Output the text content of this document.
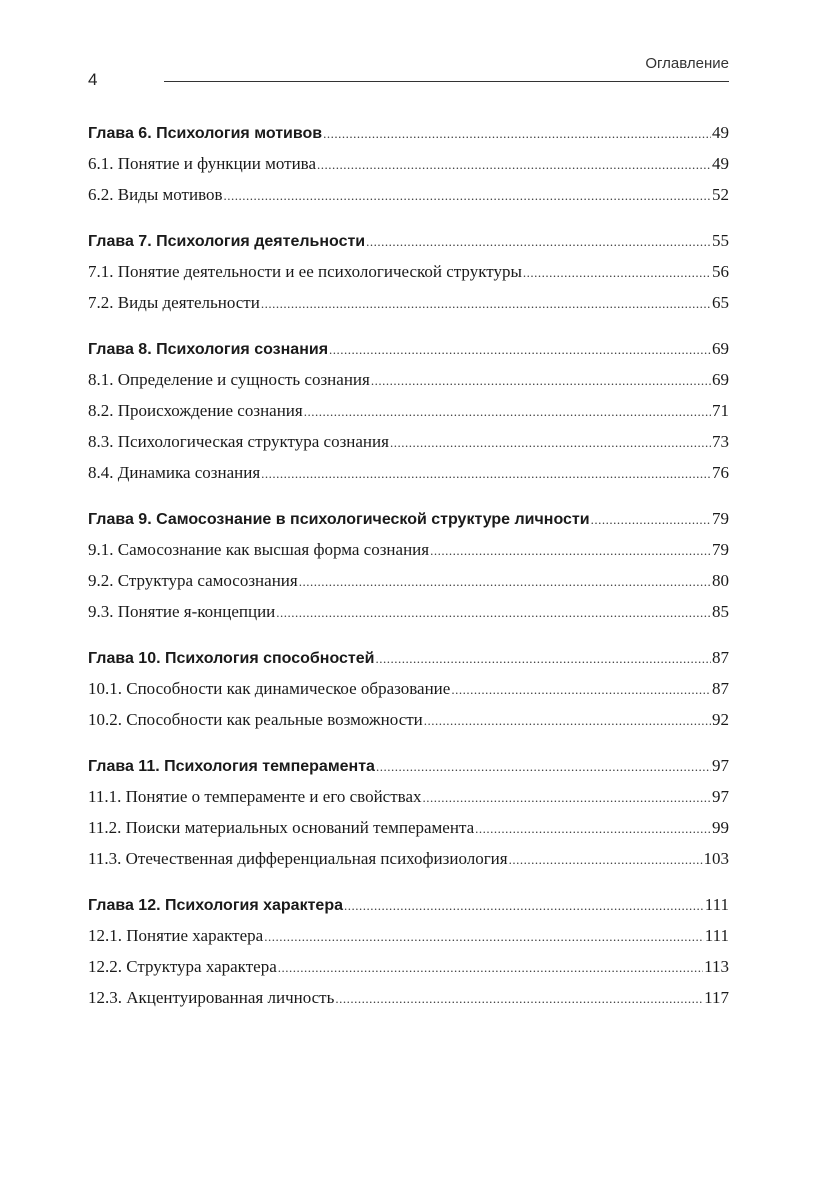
4
Оглавление
Глава 6. Психология мотивов .....	49
6.1. Понятие и функции мотива .....	49
6.2. Виды мотивов .....	52
Глава 7. Психология деятельности .....	55
7.1. Понятие деятельности и ее психологической структуры .....	56
7.2. Виды деятельности .....	65
Глава 8. Психология сознания .....	69
8.1. Определение и сущность сознания .....	69
8.2. Происхождение сознания .....	71
8.3. Психологическая структура сознания .....	73
8.4. Динамика сознания .....	76
Глава 9. Самосознание в психологической структуре личности .....	79
9.1. Самосознание как высшая форма сознания .....	79
9.2. Структура самосознания .....	80
9.3. Понятие я-концепции .....	85
Глава 10. Психология способностей .....	87
10.1. Способности как динамическое образование .....	87
10.2. Способности как реальные возможности .....	92
Глава 11. Психология темперамента .....	97
11.1. Понятие о темпераменте и его свойствах .....	97
11.2. Поиски материальных оснований темперамента .....	99
11.3. Отечественная дифференциальная психофизиология .....	103
Глава 12. Психология характера .....	111
12.1. Понятие характера .....	111
12.2. Структура характера .....	113
12.3. Акцентуированная личность .....	117
